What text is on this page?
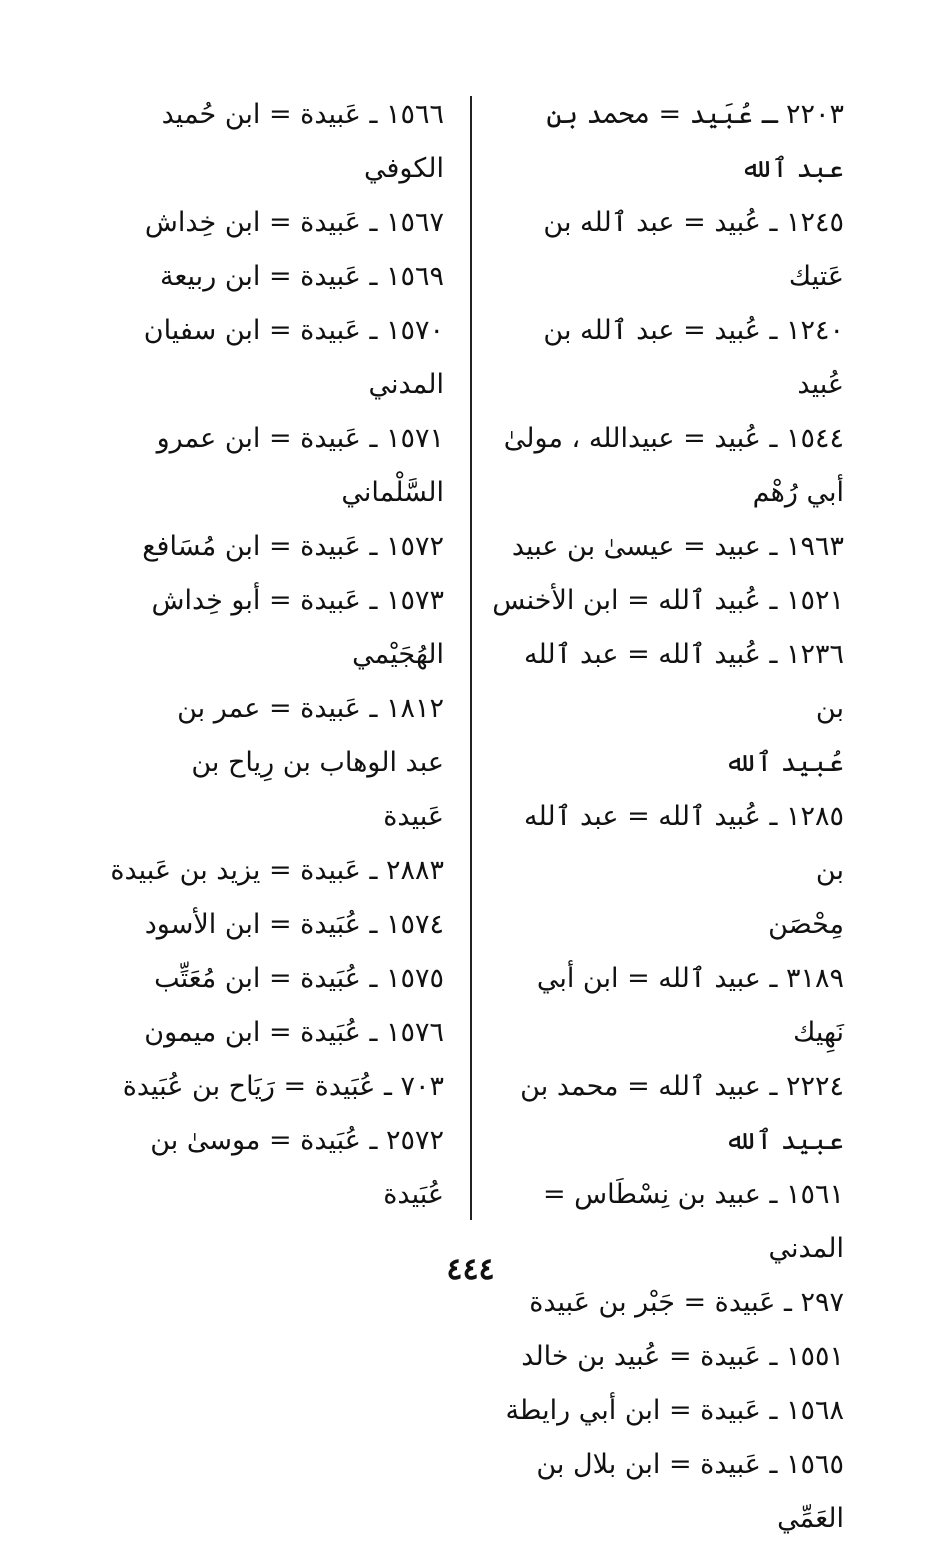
٢٢٠٣ ـ عُبَيد = محمد بن عبد ٱلله

١٢٤٥ ـ عُبيد = عبد ٱلله بن عَتيك

١٢٤٠ ـ عُبيد = عبد ٱلله بن عُبيد

١٥٤٤ ـ عُبيد = عبيدالله ، مولىٰ

أبي رُهْم

١٩٦٣ ـ عبيد = عيسىٰ بن عبيد

١٥٢١ ـ عُبيد ٱلله = ابن الأخنس

١٢٣٦ ـ عُبيد ٱلله = عبد ٱلله بن

عُبيد ٱلله

١٢٨٥ ـ عُبيد ٱلله = عبد ٱلله بن

مِحْصَن

٣١٨٩ ـ عبيد ٱلله = ابن أبي نَهِيك

٢٢٢٤ ـ عبيد ٱلله = محمد بن

عبيد ٱلله

١٥٦١ ـ عبيد بن نِسْطَاس =

المدني

٢٩٧ ـ عَبيدة = جَبْر بن عَبيدة

١٥٥١ ـ عَبيدة = عُبيد بن خالد

١٥٦٨ ـ عَبيدة = ابن أبي رايطة

١٥٦٥ ـ عَبيدة = ابن بلال بن

العَمِّي

١٥٦٦ ـ عَبيدة = ابن حُميد

الكوفي

١٥٦٧ ـ عَبيدة = ابن خِداش

١٥٦٩ ـ عَبيدة = ابن ربيعة

١٥٧٠ ـ عَبيدة = ابن سفيان

المدني

١٥٧١ ـ عَبيدة = ابن عمرو

السَّلْماني

١٥٧٢ ـ عَبيدة = ابن مُسَافع

١٥٧٣ ـ عَبيدة = أبو خِداش

الهُجَيْمي

١٨١٢ ـ عَبيدة = عمر بن

عبد الوهاب بن رِياح بن

عَبيدة

٢٨٨٣ ـ عَبيدة = يزيد بن عَبيدة

١٥٧٤ ـ عُبَيدة = ابن الأسود

١٥٧٥ ـ عُبَيدة = ابن مُعَتِّب

١٥٧٦ ـ عُبَيدة = ابن ميمون

٧٠٣ ـ عُبَيدة = رَيَاح بن عُبَيدة

٢٥٧٢ ـ عُبَيدة = موسىٰ بن عُبَيدة

٤٤٤
